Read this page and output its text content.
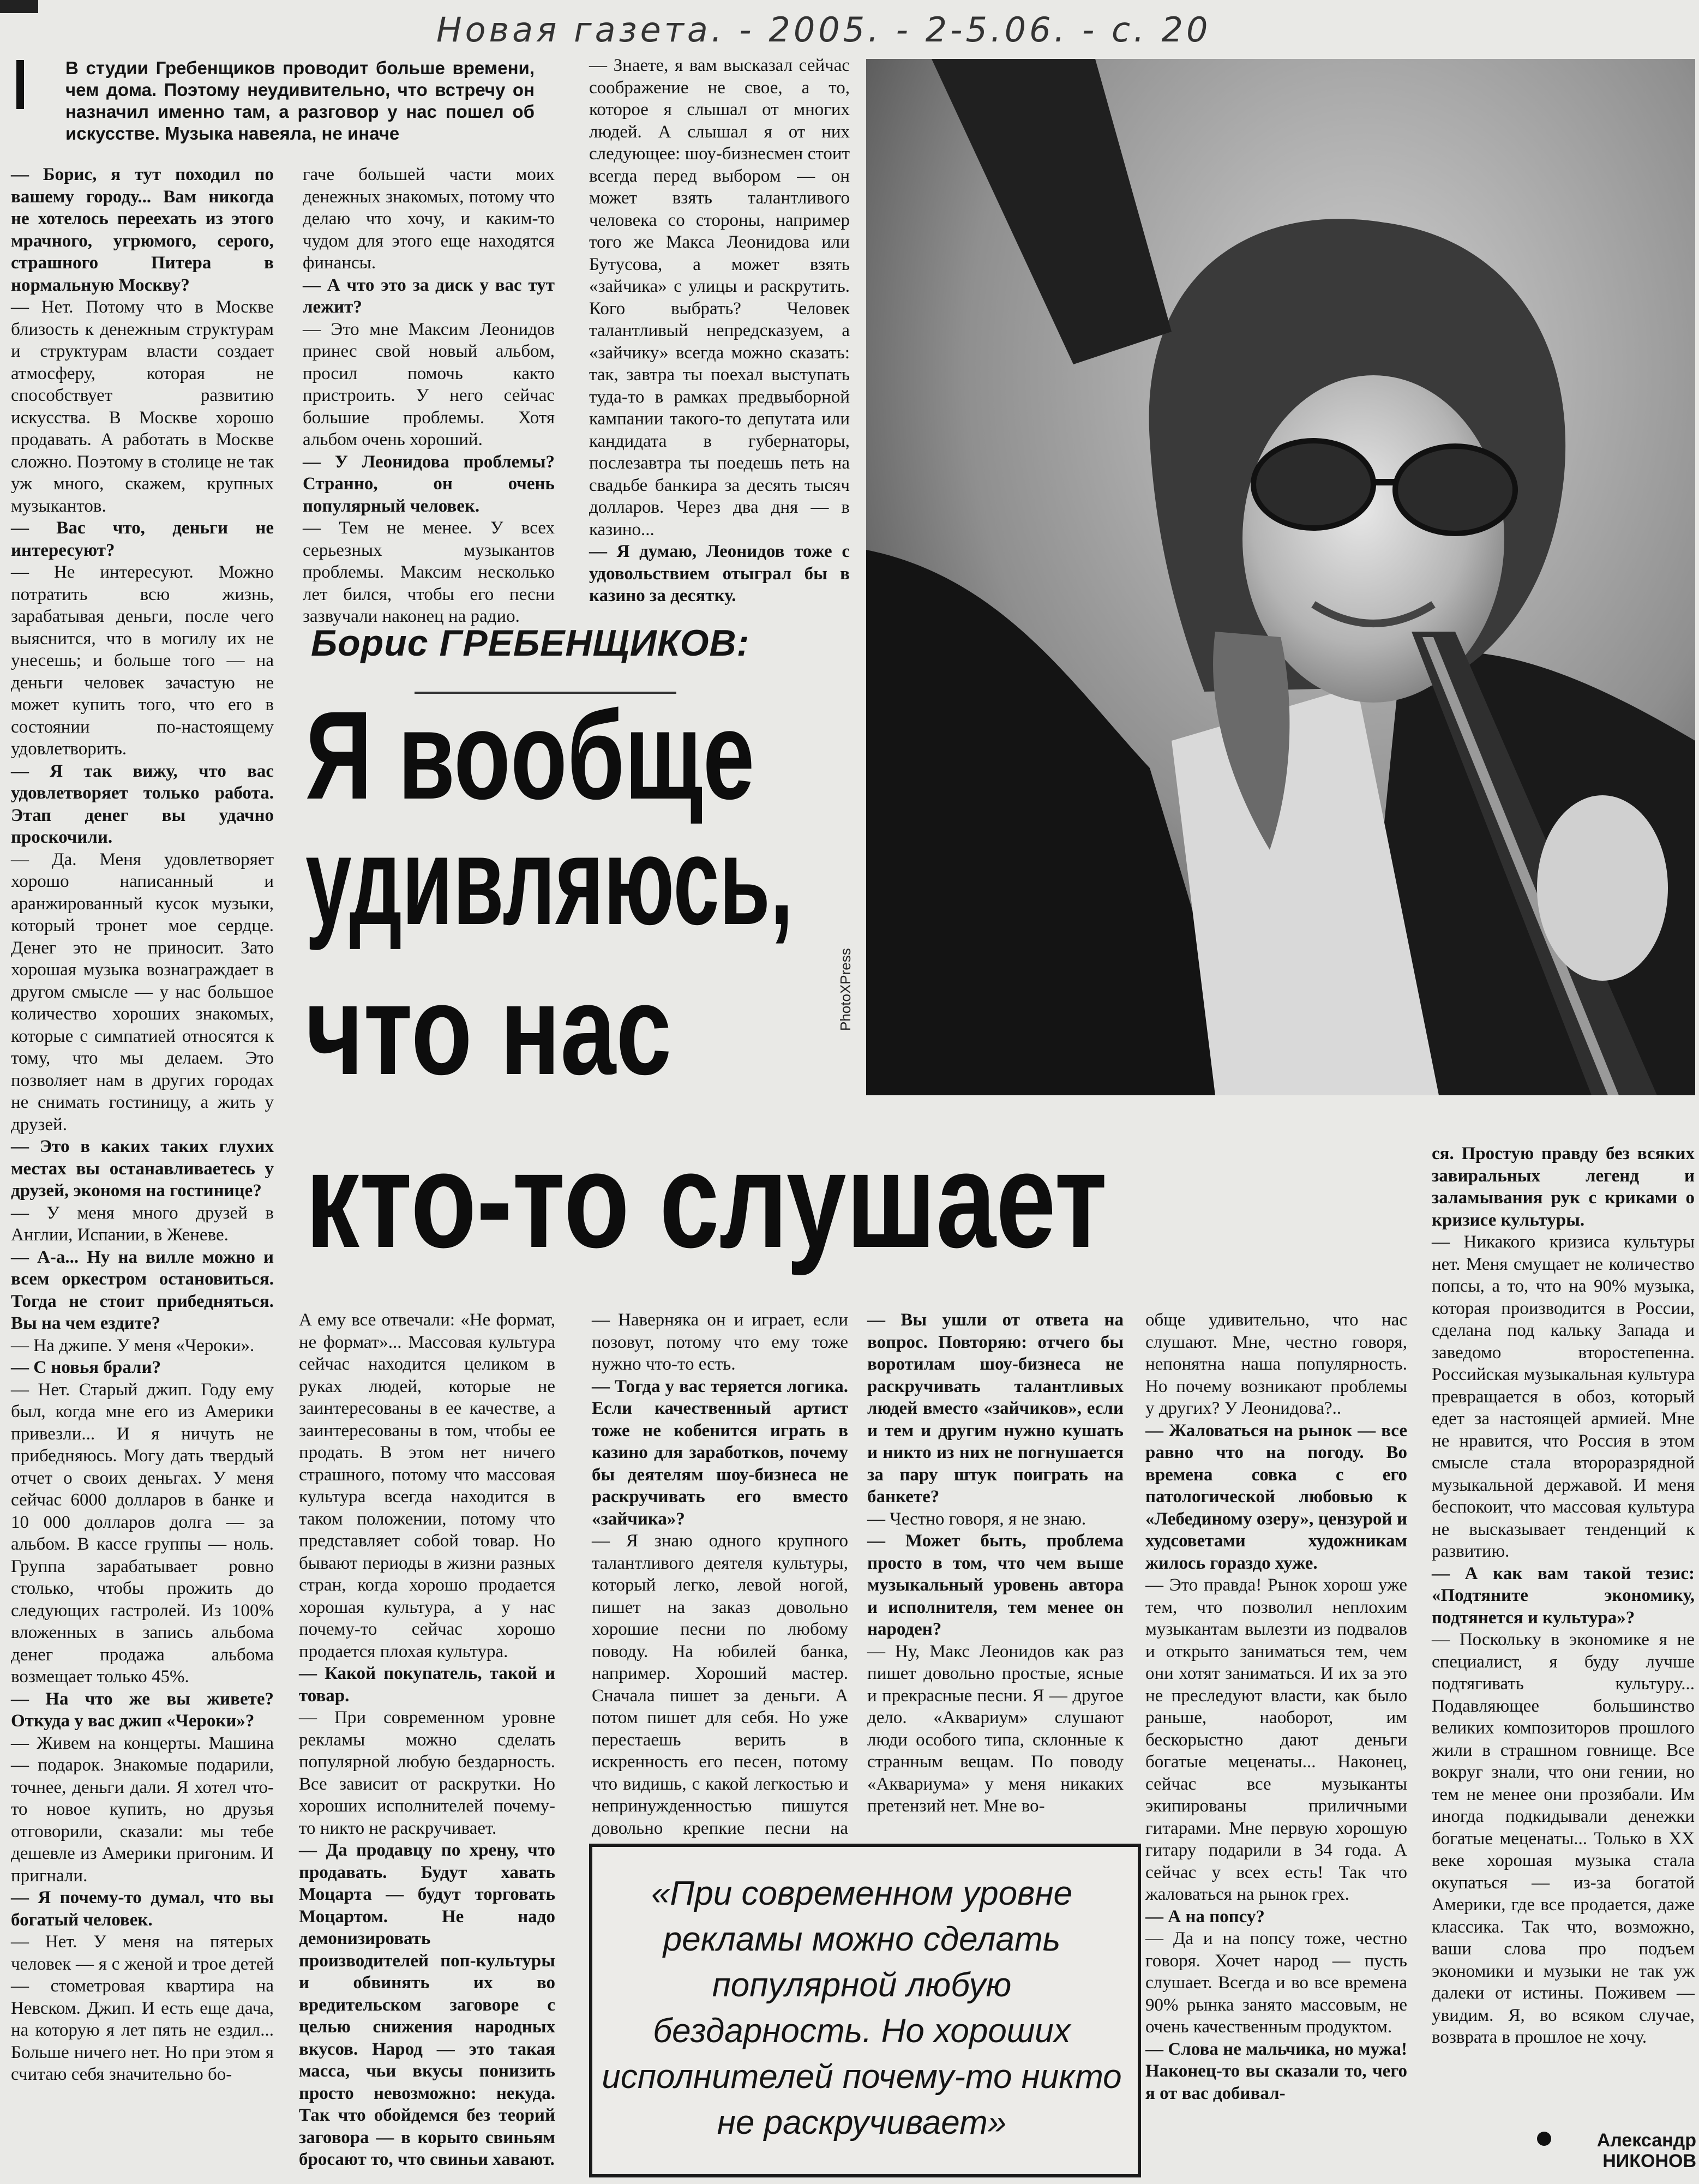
Новая газета. - 2005. - 2-5.06. - с. 20
В студии Гребенщиков проводит больше времени, чем дома. Поэтому неудивительно, что встречу он назначил именно там, а разговор у нас пошел об искусстве. Музыка навеяла, не иначе
PhotoXPress

— Борис, я тут походил по вашему городу... Вам никогда не хотелось переехать из этого мрачного, угрюмого, серого, страшного Питера в нормальную Москву?

— Нет. Потому что в Москве близость к денежным структурам и структурам власти создает атмосферу, которая не способствует развитию искусства. В Москве хорошо продавать. А работать в Москве сложно. Поэтому в столице не так уж много, скажем, крупных музыкантов.

— Вас что, деньги не интересуют?

— Не интересуют. Можно потратить всю жизнь, зарабатывая деньги, после чего выяснится, что в могилу их не унесешь; и больше того — на деньги человек зачастую не может купить того, что его в состоянии по-настоящему удовлетворить.

— Я так вижу, что вас удовлетворяет только работа. Этап денег вы удачно проскочили.

— Да. Меня удовлетворяет хорошо написанный и аранжированный кусок музыки, который тронет мое сердце. Денег это не приносит. Зато хорошая музыка вознаграждает в другом смысле — у нас большое количество хороших знакомых, которые с симпатией относятся к тому, что мы делаем. Это позволяет нам в других городах не снимать гостиницу, а жить у друзей.

— Это в каких таких глухих местах вы останавливаетесь у друзей, экономя на гостинице?

— У меня много друзей в Англии, Испании, в Женеве.

— А-а... Ну на вилле можно и всем оркестром остановиться. Тогда не стоит прибедняться. Вы на чем ездите?

— На джипе. У меня «Чероки».

— С новья брали?

— Нет. Старый джип. Году ему был, когда мне его из Америки привезли... И я ничуть не прибедняюсь. Могу дать твердый отчет о своих деньгах. У меня сейчас 6000 долларов в банке и 10 000 долларов долга — за альбом. В кассе группы — ноль. Группа зарабатывает ровно столько, чтобы прожить до следующих гастролей. Из 100% вложенных в запись альбома денег продажа альбома возмещает только 45%.

— На что же вы живете? Откуда у вас джип «Чероки»?

— Живем на концерты. Машина — подарок. Знакомые подарили, точнее, деньги дали. Я хотел что-то новое купить, но друзья отговорили, сказали: мы тебе дешевле из Америки пригоним. И пригнали.

— Я почему-то думал, что вы богатый человек.

— Нет. У меня на пятерых человек — я с женой и трое детей — стометровая квартира на Невском. Джип. И есть еще дача, на которую я лет пять не ездил... Больше ничего нет. Но при этом я считаю себя значительно бо-

гаче большей части моих денежных знакомых, потому что делаю что хочу, и каким-то чудом для этого еще находятся финансы.

— А что это за диск у вас тут лежит?

— Это мне Максим Леонидов принес свой новый альбом, просил помочь както пристроить. У него сейчас большие проблемы. Хотя альбом очень хороший.

— У Леонидова проблемы? Странно, он очень популярный человек.

— Тем не менее. У всех серьезных музыкантов проблемы. Максим несколько лет бился, чтобы его песни зазвучали наконец на радио.

— Знаете, я вам высказал сейчас соображение не свое, а то, которое я слышал от многих людей. А слышал я от них следующее: шоу-бизнесмен стоит всегда перед выбором — он может взять талантливого человека со стороны, например того же Макса Леонидова или Бутусова, а может взять «зайчика» с улицы и раскрутить. Кого выбрать? Человек талантливый непредсказуем, а «зайчику» всегда можно сказать: так, завтра ты поехал выступать туда-то в рамках предвыборной кампании такого-то депутата или кандидата в губернаторы, послезавтра ты поедешь петь на свадьбе банкира за десять тысяч долларов. Через два дня — в казино...

— Я думаю, Леонидов тоже с удовольствием отыграл бы в казино за десятку.

А ему все отвечали: «Не формат, не формат»... Массовая культура сейчас находится целиком в руках людей, которые не заинтересованы в ее качестве, а заинтересованы в том, чтобы ее продать. В этом нет ничего страшного, потому что массовая культура всегда находится в таком положении, потому что представляет собой товар. Но бывают периоды в жизни разных стран, когда хорошо продается хорошая культура, а у нас почему-то сейчас хорошо продается плохая культура.

— Какой покупатель, такой и товар.

— При современном уровне рекламы можно сделать популярной любую бездарность. Все зависит от раскрутки. Но хороших исполнителей почему-то никто не раскручивает.

— Да продавцу по хрену, что продавать. Будут хавать Моцарта — будут торговать Моцартом. Не надо демонизировать производителей поп-культуры и обвинять их во вредительском заговоре с целью снижения народных вкусов. Народ — это такая масса, чьи вкусы понизить просто невозможно: некуда. Так что обойдемся без теорий заговора — в корыто свиньям бросают то, что свиньи хавают.

— Наверняка он и играет, если позовут, потому что ему тоже нужно что-то есть.

— Тогда у вас теряется логика. Если качественный артист тоже не кобенится играть в казино для заработков, почему бы деятелям шоу-бизнеса не раскручивать его вместо «зайчика»?

— Я знаю одного крупного талантливого деятеля культуры, который легко, левой ногой, пишет на заказ довольно хорошие песни по любому поводу. На юбилей банка, например. Хороший мастер. Сначала пишет за деньги. А потом пишет для себя. Но уже перестаешь верить в искренность его песен, потому что видишь, с какой легкостью и непринужденностью пишутся довольно крепкие песни на

— Вы ушли от ответа на вопрос. Повторяю: отчего бы воротилам шоу-бизнеса не раскручивать талантливых людей вместо «зайчиков», если и тем и другим нужно кушать и никто из них не погнушается за пару штук поиграть на банкете?

— Честно говоря, я не знаю.

— Может быть, проблема просто в том, что чем выше музыкальный уровень автора и исполнителя, тем менее он народен?

— Ну, Макс Леонидов как раз пишет довольно простые, ясные и прекрасные песни. Я — другое дело. «Аквариум» слушают люди особого типа, склонные к странным вещам. По поводу «Аквариума» у меня никаких претензий нет. Мне во-

обще удивительно, что нас слушают. Мне, честно говоря, непонятна наша популярность. Но почему возникают проблемы у других? У Леонидова?..

— Жаловаться на рынок — все равно что на погоду. Во времена совка с его патологической любовью к «Лебединому озеру», цензурой и худсоветами художникам жилось гораздо хуже.

— Это правда! Рынок хорош уже тем, что позволил неплохим музыкантам вылезти из подвалов и открыто заниматься тем, чем они хотят заниматься. И их за это не преследуют власти, как было раньше, наоборот, им бескорыстно дают деньги богатые меценаты... Наконец, сейчас все музыканты экипированы приличными гитарами. Мне первую хорошую гитару подарили в 34 года. А сейчас у всех есть! Так что жаловаться на рынок грех.

— А на попсу?

— Да и на попсу тоже, честно говоря. Хочет народ — пусть слушает. Всегда и во все времена 90% рынка занято массовым, не очень качественным продуктом.

— Слова не мальчика, но мужа! Наконец-то вы сказали то, чего я от вас добивал-

ся. Простую правду без всяких завиральных легенд и заламывания рук с криками о кризисе культуры.

— Никакого кризиса культуры нет. Меня смущает не количество попсы, а то, что на 90% музыка, которая производится в России, сделана под кальку Запада и заведомо второстепенна. Российская музыкальная культура превращается в обоз, который едет за настоящей армией. Мне не нравится, что Россия в этом смысле стала второразрядной музыкальной державой. И меня беспокоит, что массовая культура не высказывает тенденций к развитию.

— А как вам такой тезис: «Подтяните экономику, подтянется и культура»?

— Поскольку в экономике я не специалист, я буду лучше подтягивать культуру... Подавляющее большинство великих композиторов прошлого жили в страшном говнище. Все вокруг знали, что они гении, но тем не менее они прозябали. Им иногда подкидывали денежки богатые меценаты... Только в XX веке хорошая музыка стала окупаться — из-за богатой Америки, где все продается, даже классика. Так что, возможно, ваши слова про подъем экономики и музыки не так уж далеки от истины. Поживем — увидим. Я, во всяком случае, возврата в прошлое не хочу.

Борис ГРЕБЕНЩИКОВ:
Я вообще
удивляюсь,
что нас
кто-то слушает
«При современном уровне рекламы можно сделать популярной любую бездарность. Но хороших исполнителей почему-то никто не раскручивает»	Александр
НИКОНОВ
